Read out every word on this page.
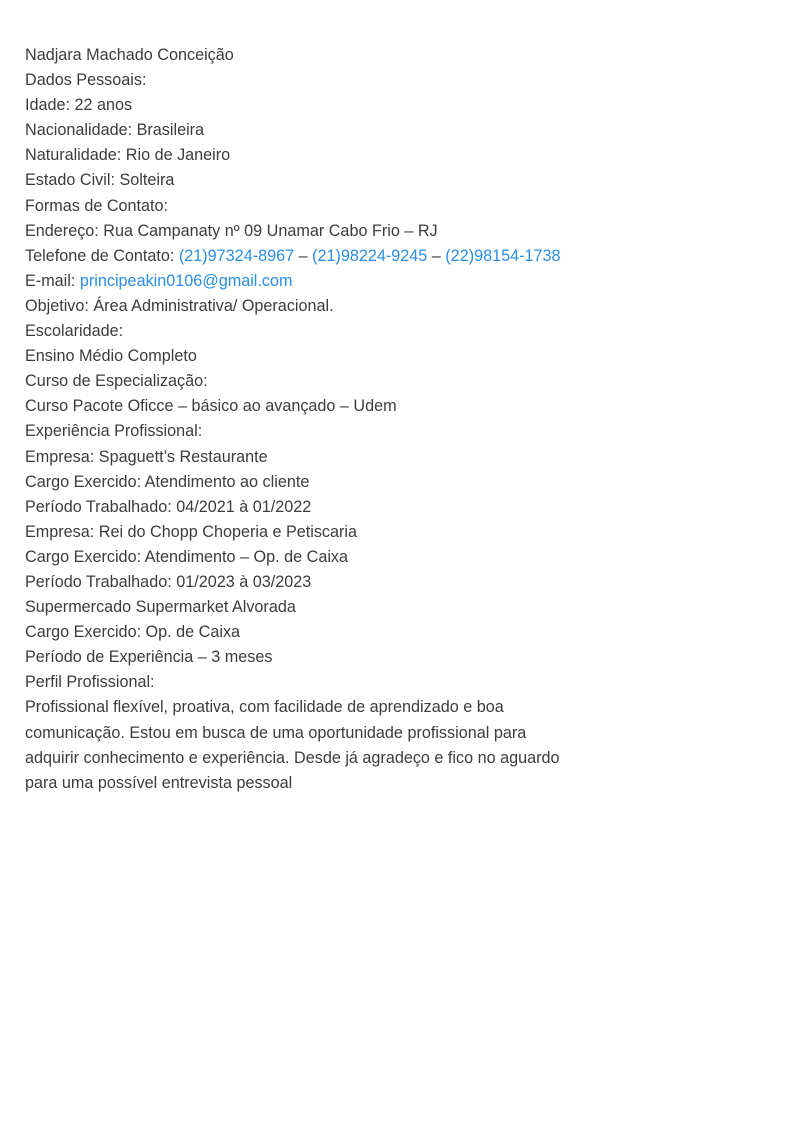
Nadjara Machado Conceição
Dados Pessoais:
Idade: 22 anos
Nacionalidade: Brasileira
Naturalidade: Rio de Janeiro
Estado Civil: Solteira
Formas de Contato:
Endereço: Rua Campanaty nº 09 Unamar Cabo Frio – RJ
Telefone de Contato: (21)97324-8967 – (21)98224-9245 – (22)98154-1738
E-mail: principeakin0106@gmail.com
Objetivo: Área Administrativa/ Operacional.
Escolaridade:
Ensino Médio Completo
Curso de Especialização:
Curso Pacote Oficce – básico ao avançado – Udem
Experiência Profissional:
Empresa: Spaguett’s Restaurante
Cargo Exercido: Atendimento ao cliente
Período Trabalhado: 04/2021 à 01/2022
Empresa: Rei do Chopp Choperia e Petiscaria
Cargo Exercido: Atendimento – Op. de Caixa
Período Trabalhado: 01/2023 à 03/2023
Supermercado Supermarket Alvorada
Cargo Exercido: Op. de Caixa
Período de Experiência – 3 meses
Perfil Profissional:
Profissional flexível, proativa, com facilidade de aprendizado e boa
comunicação. Estou em busca de uma oportunidade profissional para
adquirir conhecimento e experiência. Desde já agradeço e fico no aguardo
para uma possível entrevista pessoal
